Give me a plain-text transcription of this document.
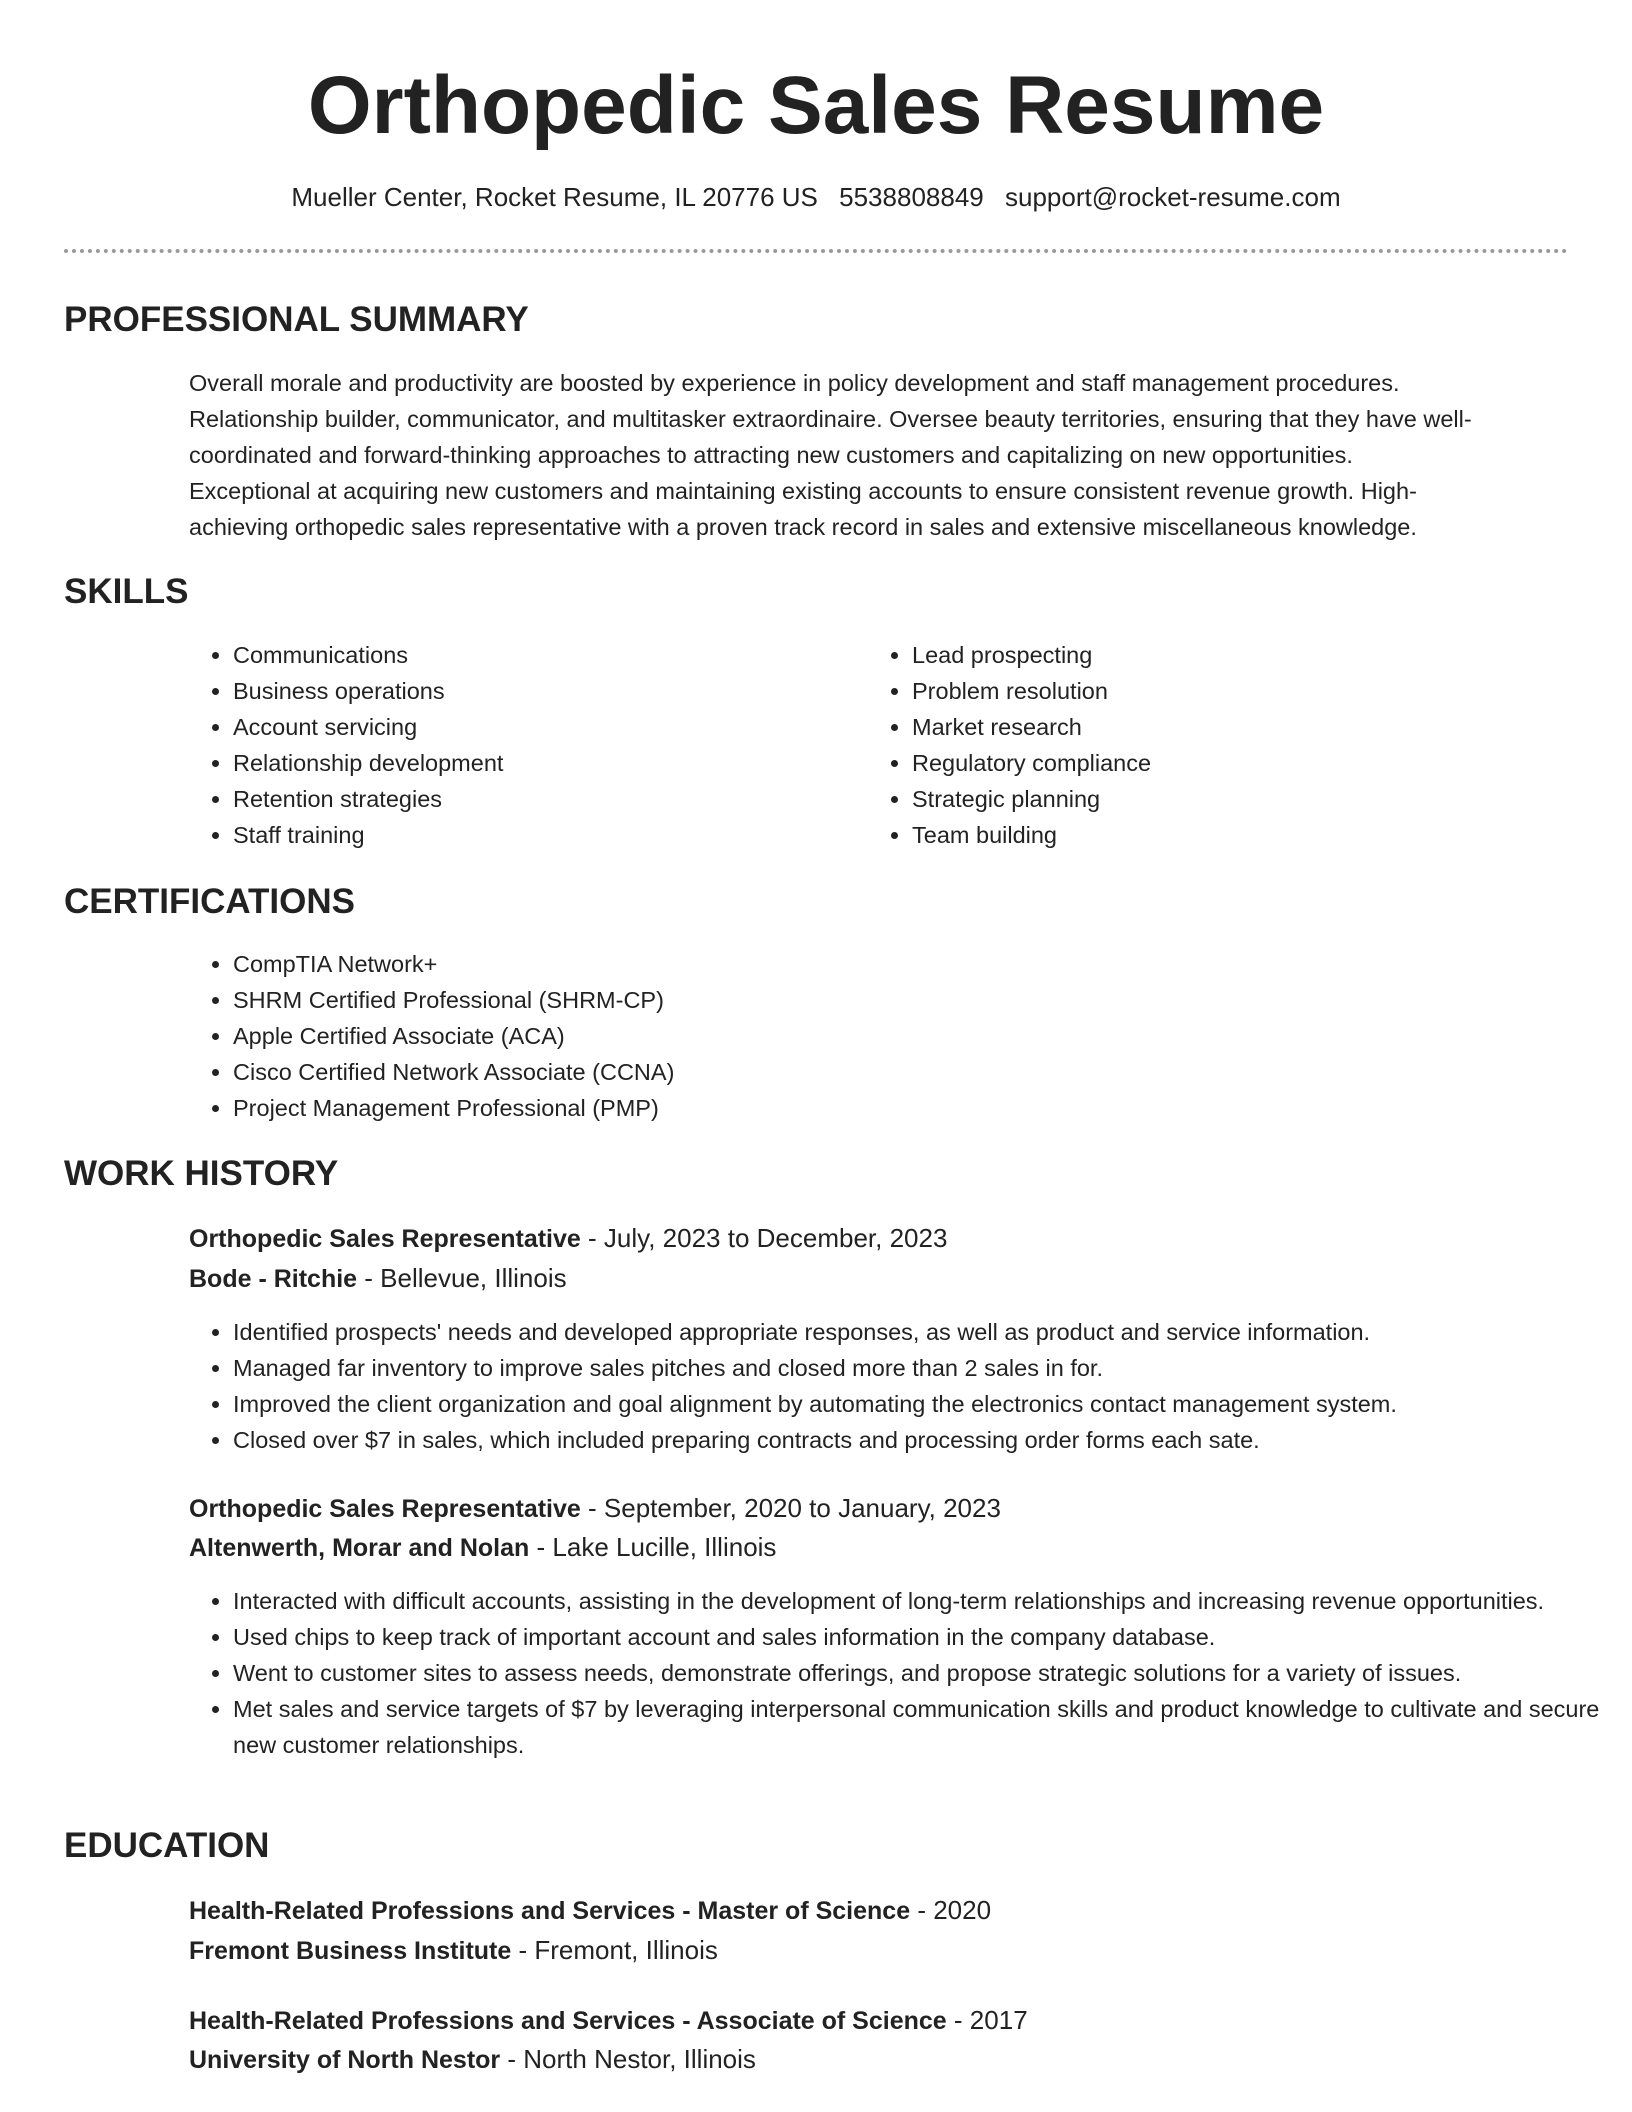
Orthopedic Sales Resume
Mueller Center, Rocket Resume, IL 20776 US 5538808849 support@rocket-resume.com
PROFESSIONAL SUMMARY
Overall morale and productivity are boosted by experience in policy development and staff management procedures.
Relationship builder, communicator, and multitasker extraordinaire. Oversee beauty territories, ensuring that they have well-
coordinated and forward-thinking approaches to attracting new customers and capitalizing on new opportunities.
Exceptional at acquiring new customers and maintaining existing accounts to ensure consistent revenue growth. High-
achieving orthopedic sales representative with a proven track record in sales and extensive miscellaneous knowledge.
SKILLS
• Communications
• Business operations
• Account servicing
• Relationship development
• Retention strategies
• Staff training
• Lead prospecting
• Problem resolution
• Market research
• Regulatory compliance
• Strategic planning
• Team building
CERTIFICATIONS
• CompTIA Network+
• SHRM Certified Professional (SHRM-CP)
• Apple Certified Associate (ACA)
• Cisco Certified Network Associate (CCNA)
• Project Management Professional (PMP)
WORK HISTORY
Orthopedic Sales Representative - July, 2023 to December, 2023
Bode - Ritchie - Bellevue, Illinois
• Identified prospects' needs and developed appropriate responses, as well as product and service information.
• Managed far inventory to improve sales pitches and closed more than 2 sales in for.
• Improved the client organization and goal alignment by automating the electronics contact management system.
• Closed over $7 in sales, which included preparing contracts and processing order forms each sate.
Orthopedic Sales Representative - September, 2020 to January, 2023
Altenwerth, Morar and Nolan - Lake Lucille, Illinois
• Interacted with difficult accounts, assisting in the development of long-term relationships and increasing revenue opportunities.
• Used chips to keep track of important account and sales information in the company database.
• Went to customer sites to assess needs, demonstrate offerings, and propose strategic solutions for a variety of issues.
• Met sales and service targets of $7 by leveraging interpersonal communication skills and product knowledge to cultivate and secure new customer relationships.
EDUCATION
Health-Related Professions and Services - Master of Science - 2020
Fremont Business Institute - Fremont, Illinois
Health-Related Professions and Services - Associate of Science - 2017
University of North Nestor - North Nestor, Illinois
